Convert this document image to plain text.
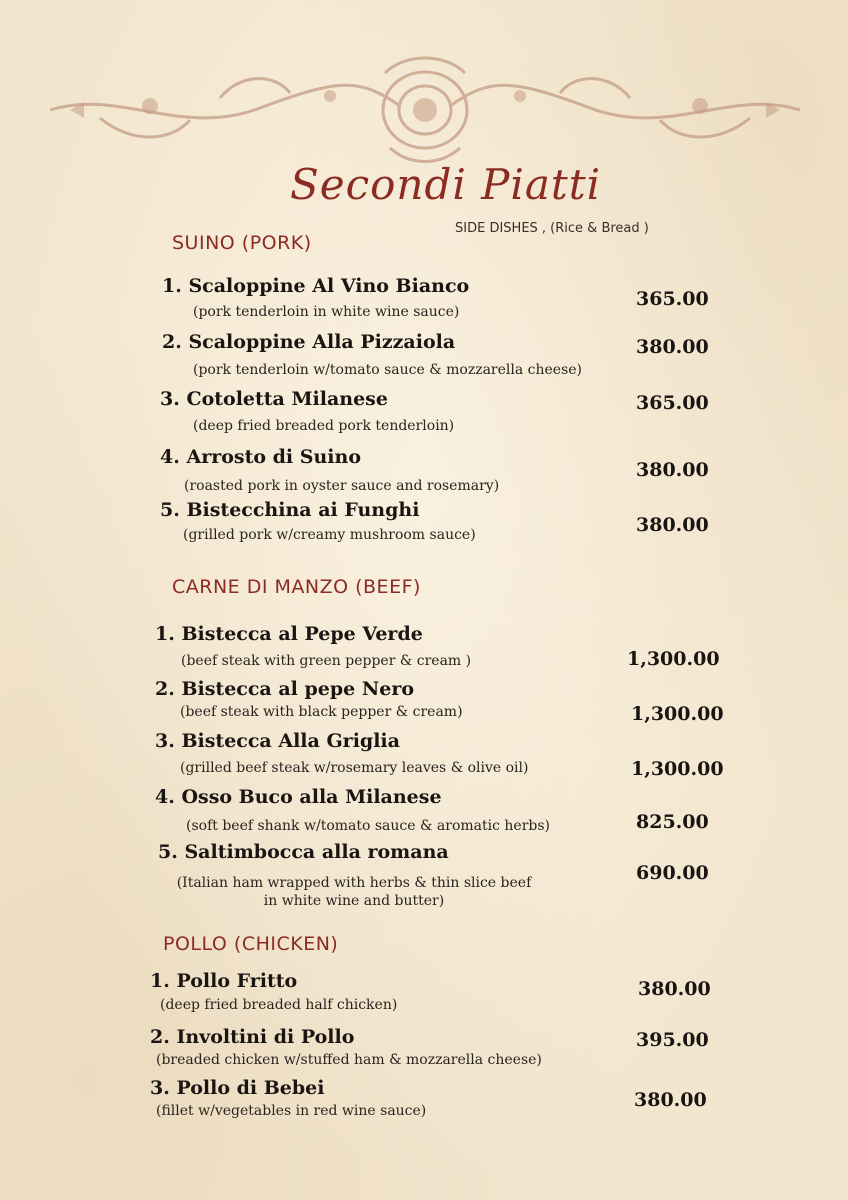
Secondi Piatti
SIDE DISHES , (Rice & Bread )
SUINO (PORK)
1. Scaloppine Al Vino Bianco
(pork tenderloin in white wine sauce)
365.00
2. Scaloppine Alla Pizzaiola
(pork tenderloin w/tomato sauce & mozzarella cheese)
380.00
3. Cotoletta Milanese
(deep fried breaded pork tenderloin)
365.00
4. Arrosto di Suino
(roasted pork in oyster sauce and rosemary)
380.00
5. Bistecchina ai Funghi
(grilled pork w/creamy mushroom sauce)	380.00
CARNE DI MANZO (BEEF)
1. Bistecca al Pepe Verde
(beef steak with green pepper & cream )	1,300.00
2. Bistecca al pepe Nero
(beef steak with black pepper & cream)	1,300.00
3. Bistecca Alla Griglia
(grilled beef steak w/rosemary leaves & olive oil)	1,300.00
4. Osso Buco alla Milanese
(soft beef shank w/tomato sauce & aromatic herbs)	825.00
5. Saltimbocca alla romana
(Italian ham wrapped with herbs & thin slice beef
in white wine and butter)
690.00
POLLO (CHICKEN)
1. Pollo Fritto
(deep fried breaded half chicken)
380.00
2. Involtini di Pollo
(breaded chicken w/stuffed ham & mozzarella cheese)
395.00
3. Pollo di Bebei
(fillet w/vegetables in red wine sauce)	380.00
